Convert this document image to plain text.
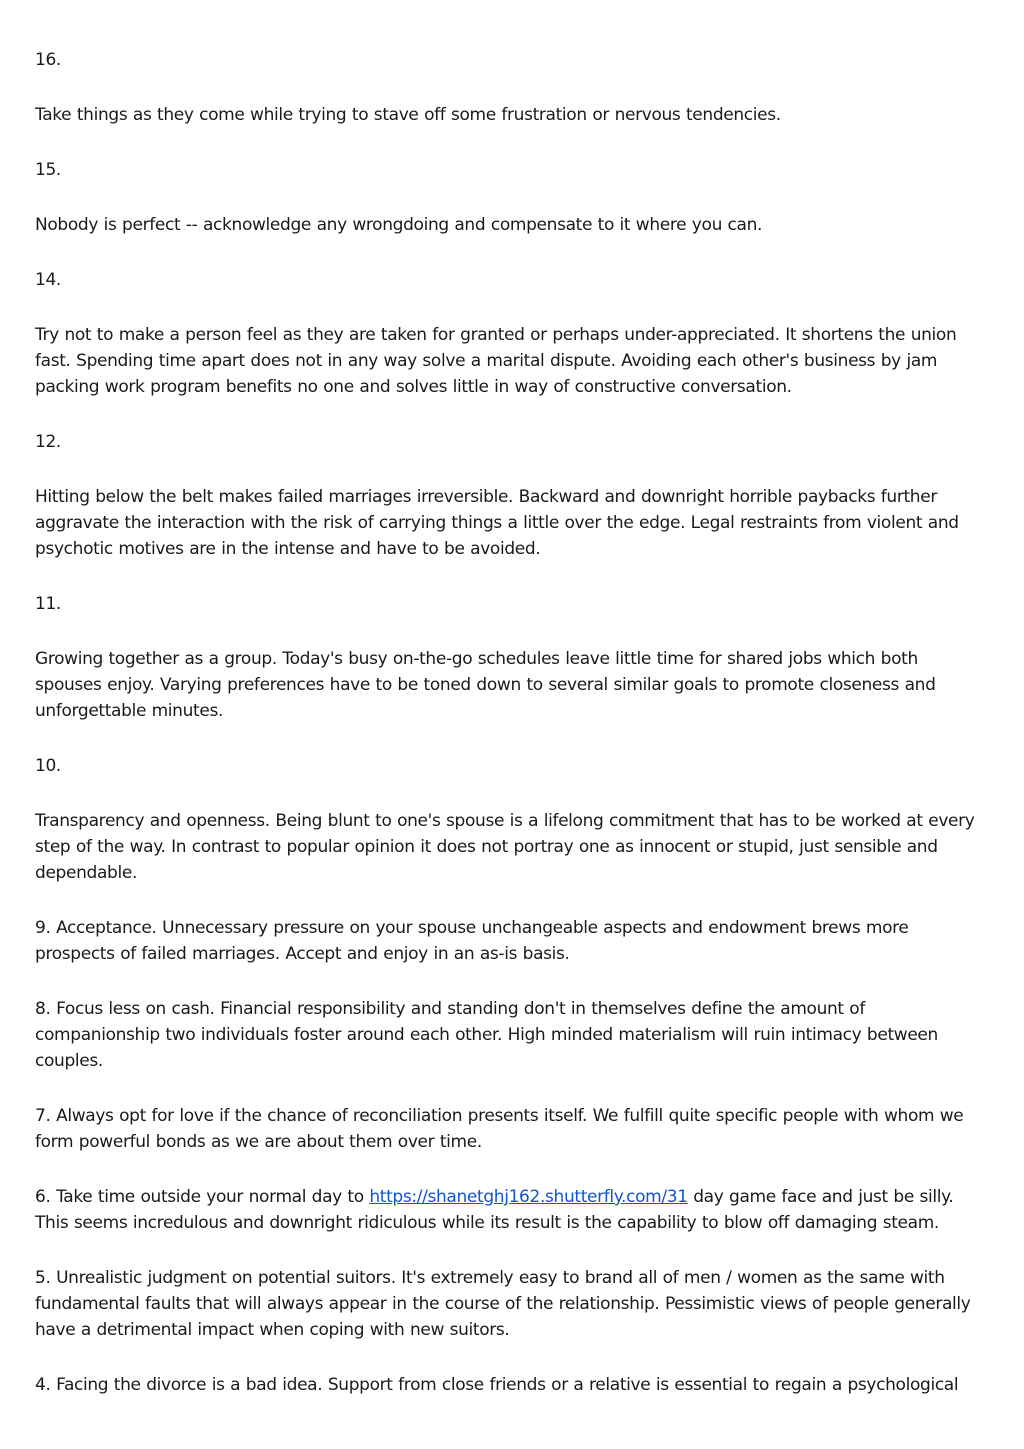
16.

Take things as they come while trying to stave off some frustration or nervous tendencies.

15.

Nobody is perfect -- acknowledge any wrongdoing and compensate to it where you can.

14.

Try not to make a person feel as they are taken for granted or perhaps under-appreciated. It shortens the union fast. Spending time apart does not in any way solve a marital dispute. Avoiding each other's business by jam packing work program benefits no one and solves little in way of constructive conversation.

12.

Hitting below the belt makes failed marriages irreversible. Backward and downright horrible paybacks further aggravate the interaction with the risk of carrying things a little over the edge. Legal restraints from violent and psychotic motives are in the intense and have to be avoided.

11.

Growing together as a group. Today's busy on-the-go schedules leave little time for shared jobs which both spouses enjoy. Varying preferences have to be toned down to several similar goals to promote closeness and unforgettable minutes.

10.

Transparency and openness. Being blunt to one's spouse is a lifelong commitment that has to be worked at every step of the way. In contrast to popular opinion it does not portray one as innocent or stupid, just sensible and dependable.

9. Acceptance. Unnecessary pressure on your spouse unchangeable aspects and endowment brews more prospects of failed marriages. Accept and enjoy in an as-is basis.

8. Focus less on cash. Financial responsibility and standing don't in themselves define the amount of companionship two individuals foster around each other. High minded materialism will ruin intimacy between couples.

7. Always opt for love if the chance of reconciliation presents itself. We fulfill quite specific people with whom we form powerful bonds as we are about them over time.

6. Take time outside your normal day to https://shanetghj162.shutterfly.com/31 day game face and just be silly. This seems incredulous and downright ridiculous while its result is the capability to blow off damaging steam.

5. Unrealistic judgment on potential suitors. It's extremely easy to brand all of men / women as the same with fundamental faults that will always appear in the course of the relationship. Pessimistic views of people generally have a detrimental impact when coping with new suitors.

4. Facing the divorce is a bad idea. Support from close friends or a relative is essential to regain a psychological
